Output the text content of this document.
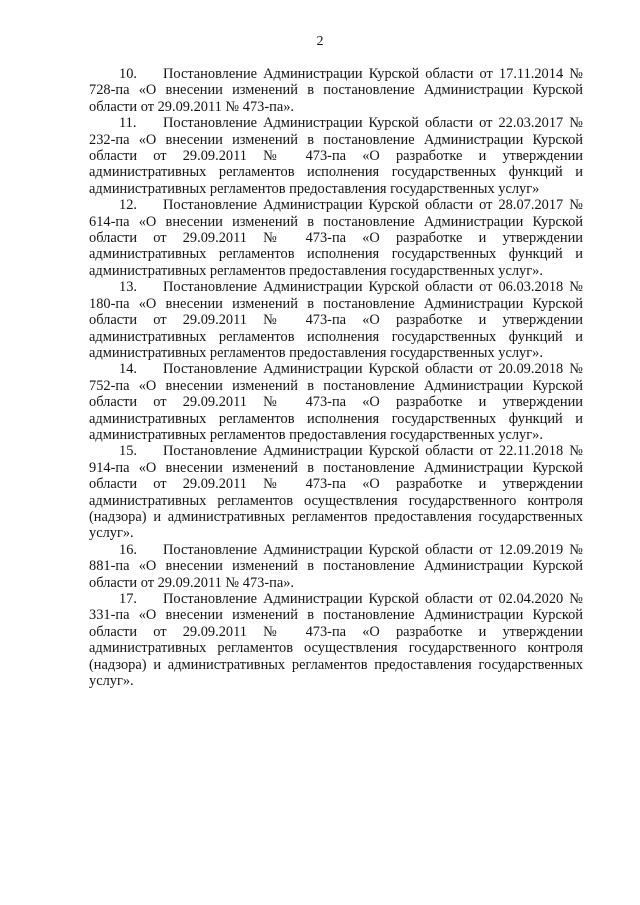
2

10. Постановление Администрации Курской области от 17.11.2014 № 728-па «О внесении изменений в постановление Администрации Курской области от 29.09.2011 № 473-па».

11. Постановление Администрации Курской области от 22.03.2017 № 232-па «О внесении изменений в постановление Администрации Курской области от 29.09.2011 № 473-па «О разработке и утверждении административных регламентов исполнения государственных функций и административных регламентов предоставления государственных услуг»

12. Постановление Администрации Курской области от 28.07.2017 № 614-па «О внесении изменений в постановление Администрации Курской области от 29.09.2011 № 473-па «О разработке и утверждении административных регламентов исполнения государственных функций и административных регламентов предоставления государственных услуг».

13. Постановление Администрации Курской области от 06.03.2018 № 180-па «О внесении изменений в постановление Администрации Курской области от 29.09.2011 № 473-па «О разработке и утверждении административных регламентов исполнения государственных функций и административных регламентов предоставления государственных услуг».

14. Постановление Администрации Курской области от 20.09.2018 № 752-па «О внесении изменений в постановление Администрации Курской области от 29.09.2011 № 473-па «О разработке и утверждении административных регламентов исполнения государственных функций и административных регламентов предоставления государственных услуг».

15. Постановление Администрации Курской области от 22.11.2018 № 914-па «О внесении изменений в постановление Администрации Курской области от 29.09.2011 № 473-па «О разработке и утверждении административных регламентов осуществления государственного контроля (надзора) и административных регламентов предоставления государственных услуг».

16. Постановление Администрации Курской области от 12.09.2019 № 881-па «О внесении изменений в постановление Администрации Курской области от 29.09.2011 № 473-па».

17. Постановление Администрации Курской области от 02.04.2020 № 331-па «О внесении изменений в постановление Администрации Курской области от 29.09.2011 № 473-па «О разработке и утверждении административных регламентов осуществления государственного контроля (надзора) и административных регламентов предоставления государственных услуг».
